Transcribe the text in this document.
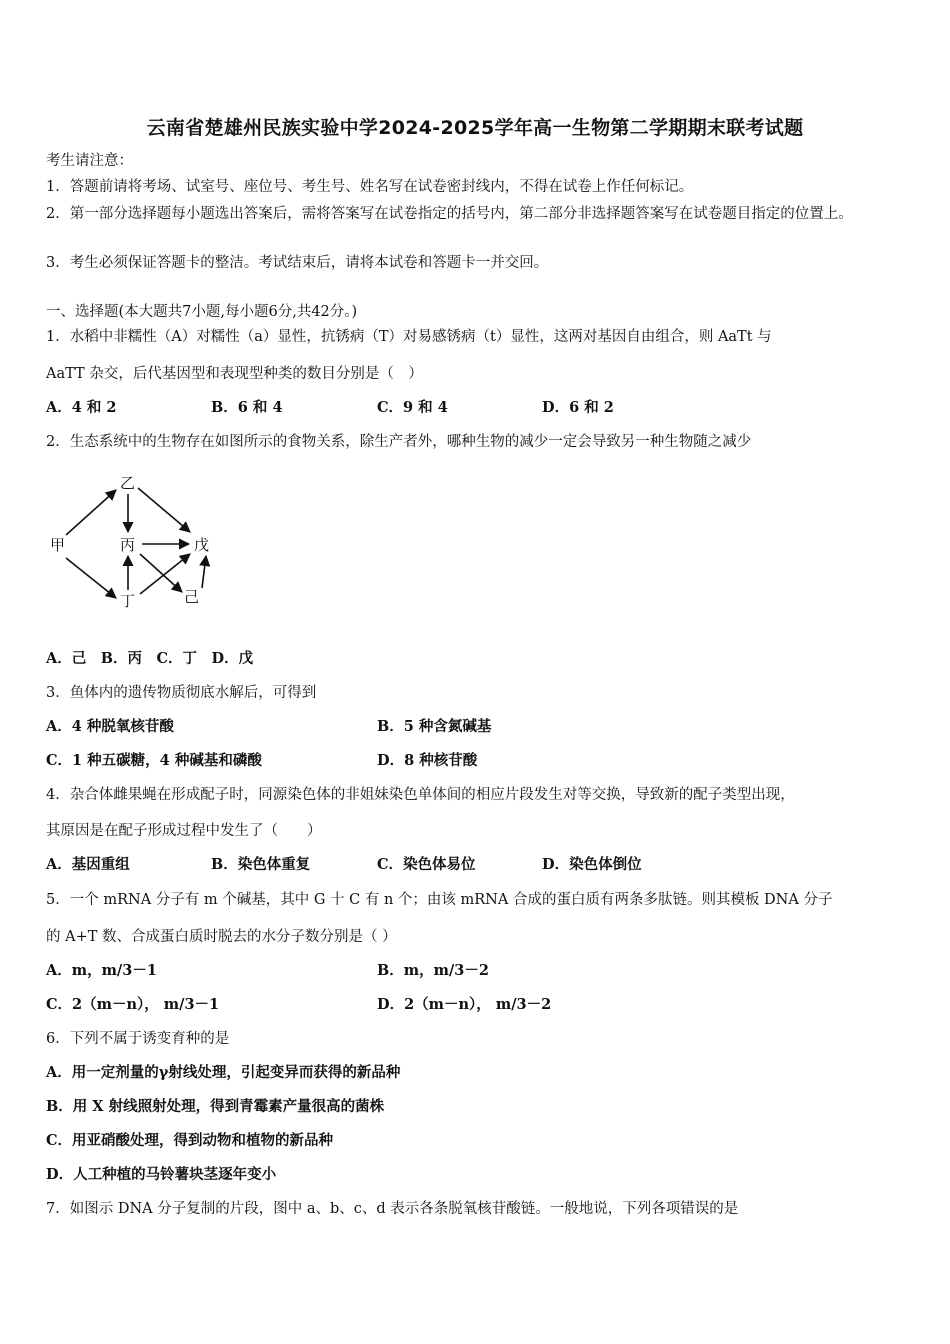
云南省楚雄州民族实验中学2024-2025学年高一生物第二学期期末联考试题
考生请注意：
1．答题前请将考场、试室号、座位号、考生号、姓名写在试卷密封线内，不得在试卷上作任何标记。
2．第一部分选择题每小题选出答案后，需将答案写在试卷指定的括号内，第二部分非选择题答案写在试卷题目指定的位置上。
3．考生必须保证答题卡的整洁。考试结束后，请将本试卷和答题卡一并交回。
一、选择题(本大题共7小题,每小题6分,共42分。)
1．水稻中非糯性（A）对糯性（a）显性，抗锈病（T）对易感锈病（t）显性，这两对基因自由组合，则 AaTt 与
AaTT 杂交，后代基因型和表现型种类的数目分别是（　）
A．4 和 2	B．6 和 4	C．9 和 4	D．6 和 2
2．生态系统中的生物存在如图所示的食物关系，除生产者外，哪种生物的减少一定会导致另一种生物随之减少
甲
乙
丙
丁
戊
己
A．己　B．丙　C．丁　D．戊
3．鱼体内的遗传物质彻底水解后，可得到
A．4 种脱氧核苷酸	B．5 种含氮碱基
C．1 种五碳糖，4 种碱基和磷酸	D．8 种核苷酸
4．杂合体雌果蝇在形成配子时，同源染色体的非姐妹染色单体间的相应片段发生对等交换，导致新的配子类型出现，
其原因是在配子形成过程中发生了（　　）
A．基因重组	B．染色体重复	C．染色体易位	D．染色体倒位
5．一个 mRNA 分子有 m 个碱基，其中 G 十 C 有 n 个；由该 mRNA 合成的蛋白质有两条多肽链。则其模板 DNA 分子
的 A+T 数、合成蛋白质时脱去的水分子数分别是（ ）
A．m，m/3－1	B．m，m/3－2
C．2（m－n）， m/3－1	D．2（m－n）， m/3－2
6．下列不属于诱变育种的是
A．用一定剂量的γ射线处理，引起变异而获得的新品种
B．用 X 射线照射处理，得到青霉素产量很高的菌株
C．用亚硝酸处理，得到动物和植物的新品种
D．人工种植的马铃薯块茎逐年变小
7．如图示 DNA 分子复制的片段，图中 a、b、c、d 表示各条脱氧核苷酸链。一般地说，下列各项错误的是
